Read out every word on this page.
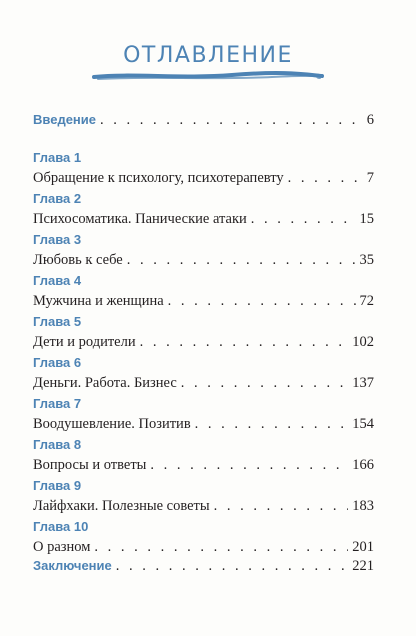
ОТЛАВЛЕНИЕ
Введение . . .	6
Глава 1
Обращение к психологу, психотерапевту . . .	7
Глава 2
Психосоматика. Панические атаки . . .	15
Глава 3
Любовь к себе . . .	35
Глава 4
Мужчина и женщина . . .	72
Глава 5
Дети и родители . . .	102
Глава 6
Деньги. Работа. Бизнес . . .	137
Глава 7
Воодушевление. Позитив . . .	154
Глава 8
Вопросы и ответы . . .	166
Глава 9
Лайфхаки. Полезные советы . . .	183
Глава 10
О разном . . .	201
Заключение . . .	221
